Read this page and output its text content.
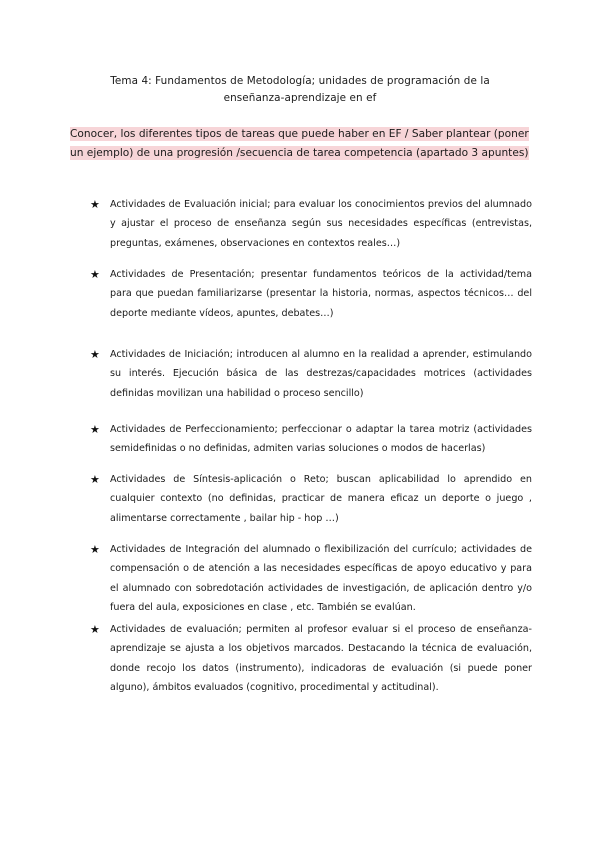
Tema 4: Fundamentos de Metodología; unidades de programación de la
enseñanza-aprendizaje en ef
Conocer, los diferentes tipos de tareas que puede haber en EF / Saber plantear (poner un ejemplo) de una progresión /secuencia de tarea competencia (apartado 3 apuntes)
★	Actividades de Evaluación inicial; para evaluar los conocimientos previos del alumnado y ajustar el proceso de enseñanza según sus necesidades específicas (entrevistas, preguntas, exámenes, observaciones en contextos reales…)
★	Actividades de Presentación; presentar fundamentos teóricos de la actividad/tema para que puedan familiarizarse (presentar la historia, normas, aspectos técnicos… del deporte mediante vídeos, apuntes, debates…)
★	Actividades de Iniciación; introducen al alumno en la realidad a aprender, estimulando su interés. Ejecución básica de las destrezas/capacidades motrices (actividades definidas movilizan una habilidad o proceso sencillo)
★	Actividades de Perfeccionamiento; perfeccionar o adaptar la tarea motriz (actividades semidefinidas o no definidas, admiten varias soluciones o modos de hacerlas)
★	Actividades de Síntesis-aplicación o Reto; buscan aplicabilidad lo aprendido en cualquier contexto (no definidas, practicar de manera eficaz un deporte o juego , alimentarse correctamente , bailar hip - hop …)
★	Actividades de Integración del alumnado o flexibilización del currículo; actividades de compensación o de atención a las necesidades específicas de apoyo educativo y para el alumnado con sobredotación actividades de investigación, de aplicación dentro y/o fuera del aula, exposiciones en clase , etc. También se evalúan.
★	Actividades de evaluación; permiten al profesor evaluar si el proceso de enseñanza-aprendizaje se ajusta a los objetivos marcados. Destacando la técnica de evaluación, donde recojo los datos (instrumento), indicadoras de evaluación (si puede poner alguno), ámbitos evaluados (cognitivo, procedimental y actitudinal).
